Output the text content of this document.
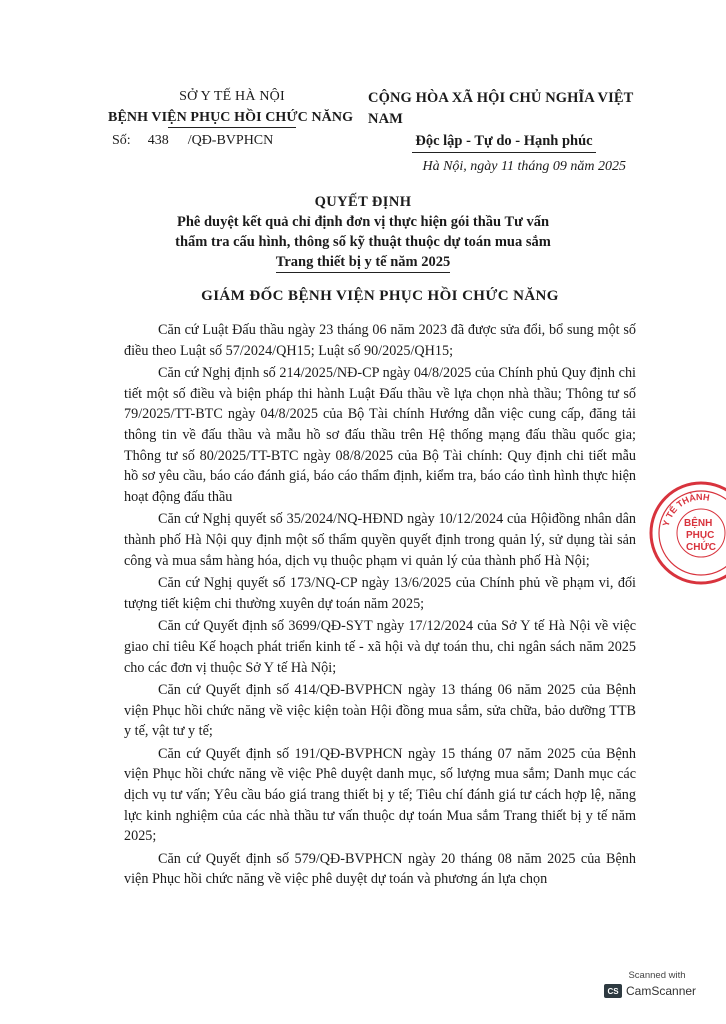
SỞ Y TẾ HÀ NỘI
BỆNH VIỆN PHỤC HỒI CHỨC NĂNG
Số: 438 /QĐ-BVPHCN
CỘNG HÒA XÃ HỘI CHỦ NGHĨA VIỆT NAM
Độc lập - Tự do - Hạnh phúc
Hà Nội, ngày 11 tháng 09 năm 2025
QUYẾT ĐỊNH
Phê duyệt kết quả chỉ định đơn vị thực hiện gói thầu Tư vấn
thẩm tra cấu hình, thông số kỹ thuật thuộc dự toán mua sắm
Trang thiết bị y tế năm 2025
GIÁM ĐỐC BỆNH VIỆN PHỤC HỒI CHỨC NĂNG

Căn cứ Luật Đấu thầu ngày 23 tháng 06 năm 2023 đã được sửa đổi, bổ sung một số điều theo Luật số 57/2024/QH15; Luật số 90/2025/QH15;

Căn cứ Nghị định số 214/2025/NĐ-CP ngày 04/8/2025 của Chính phủ Quy định chi tiết một số điều và biện pháp thi hành Luật Đấu thầu về lựa chọn nhà thầu; Thông tư số 79/2025/TT-BTC ngày 04/8/2025 của Bộ Tài chính Hướng dẫn việc cung cấp, đăng tải thông tin về đấu thầu và mẫu hồ sơ đấu thầu trên Hệ thống mạng đấu thầu quốc gia; Thông tư số 80/2025/TT-BTC ngày 08/8/2025 của Bộ Tài chính: Quy định chi tiết mẫu hồ sơ yêu cầu, báo cáo đánh giá, báo cáo thẩm định, kiểm tra, báo cáo tình hình thực hiện hoạt động đấu thầu

Căn cứ Nghị quyết số 35/2024/NQ-HĐND ngày 10/12/2024 của Hộiđồng nhân dân thành phố Hà Nội quy định một số thẩm quyền quyết định trong quản lý, sử dụng tài sản công và mua sắm hàng hóa, dịch vụ thuộc phạm vi quản lý của thành phố Hà Nội;

Căn cứ Nghị quyết số 173/NQ-CP ngày 13/6/2025 của Chính phủ về phạm vi, đối tượng tiết kiệm chi thường xuyên dự toán năm 2025;

Căn cứ Quyết định số 3699/QĐ-SYT ngày 17/12/2024 của Sở Y tế Hà Nội về việc giao chỉ tiêu Kế hoạch phát triển kinh tế - xã hội và dự toán thu, chi ngân sách năm 2025 cho các đơn vị thuộc Sở Y tế Hà Nội;

Căn cứ Quyết định số 414/QĐ-BVPHCN ngày 13 tháng 06 năm 2025 của Bệnh viện Phục hồi chức năng về việc kiện toàn Hội đồng mua sắm, sửa chữa, bảo dưỡng TTB y tế, vật tư y tế;

Căn cứ Quyết định số 191/QĐ-BVPHCN ngày 15 tháng 07 năm 2025 của Bệnh viện Phục hồi chức năng về việc Phê duyệt danh mục, số lượng mua sắm; Danh mục các dịch vụ tư vấn; Yêu cầu báo giá trang thiết bị y tế; Tiêu chí đánh giá tư cách hợp lệ, năng lực kinh nghiệm của các nhà thầu tư vấn thuộc dự toán Mua sắm Trang thiết bị y tế năm 2025;

Căn cứ Quyết định số 579/QĐ-BVPHCN ngày 20 tháng 08 năm 2025 của Bệnh viện Phục hồi chức năng về việc phê duyệt dự toán và phương án lựa chọn

Y TẾ THÀNH
BỆNH
PHỤC
CHỨC
Scanned with
CS CamScanner
